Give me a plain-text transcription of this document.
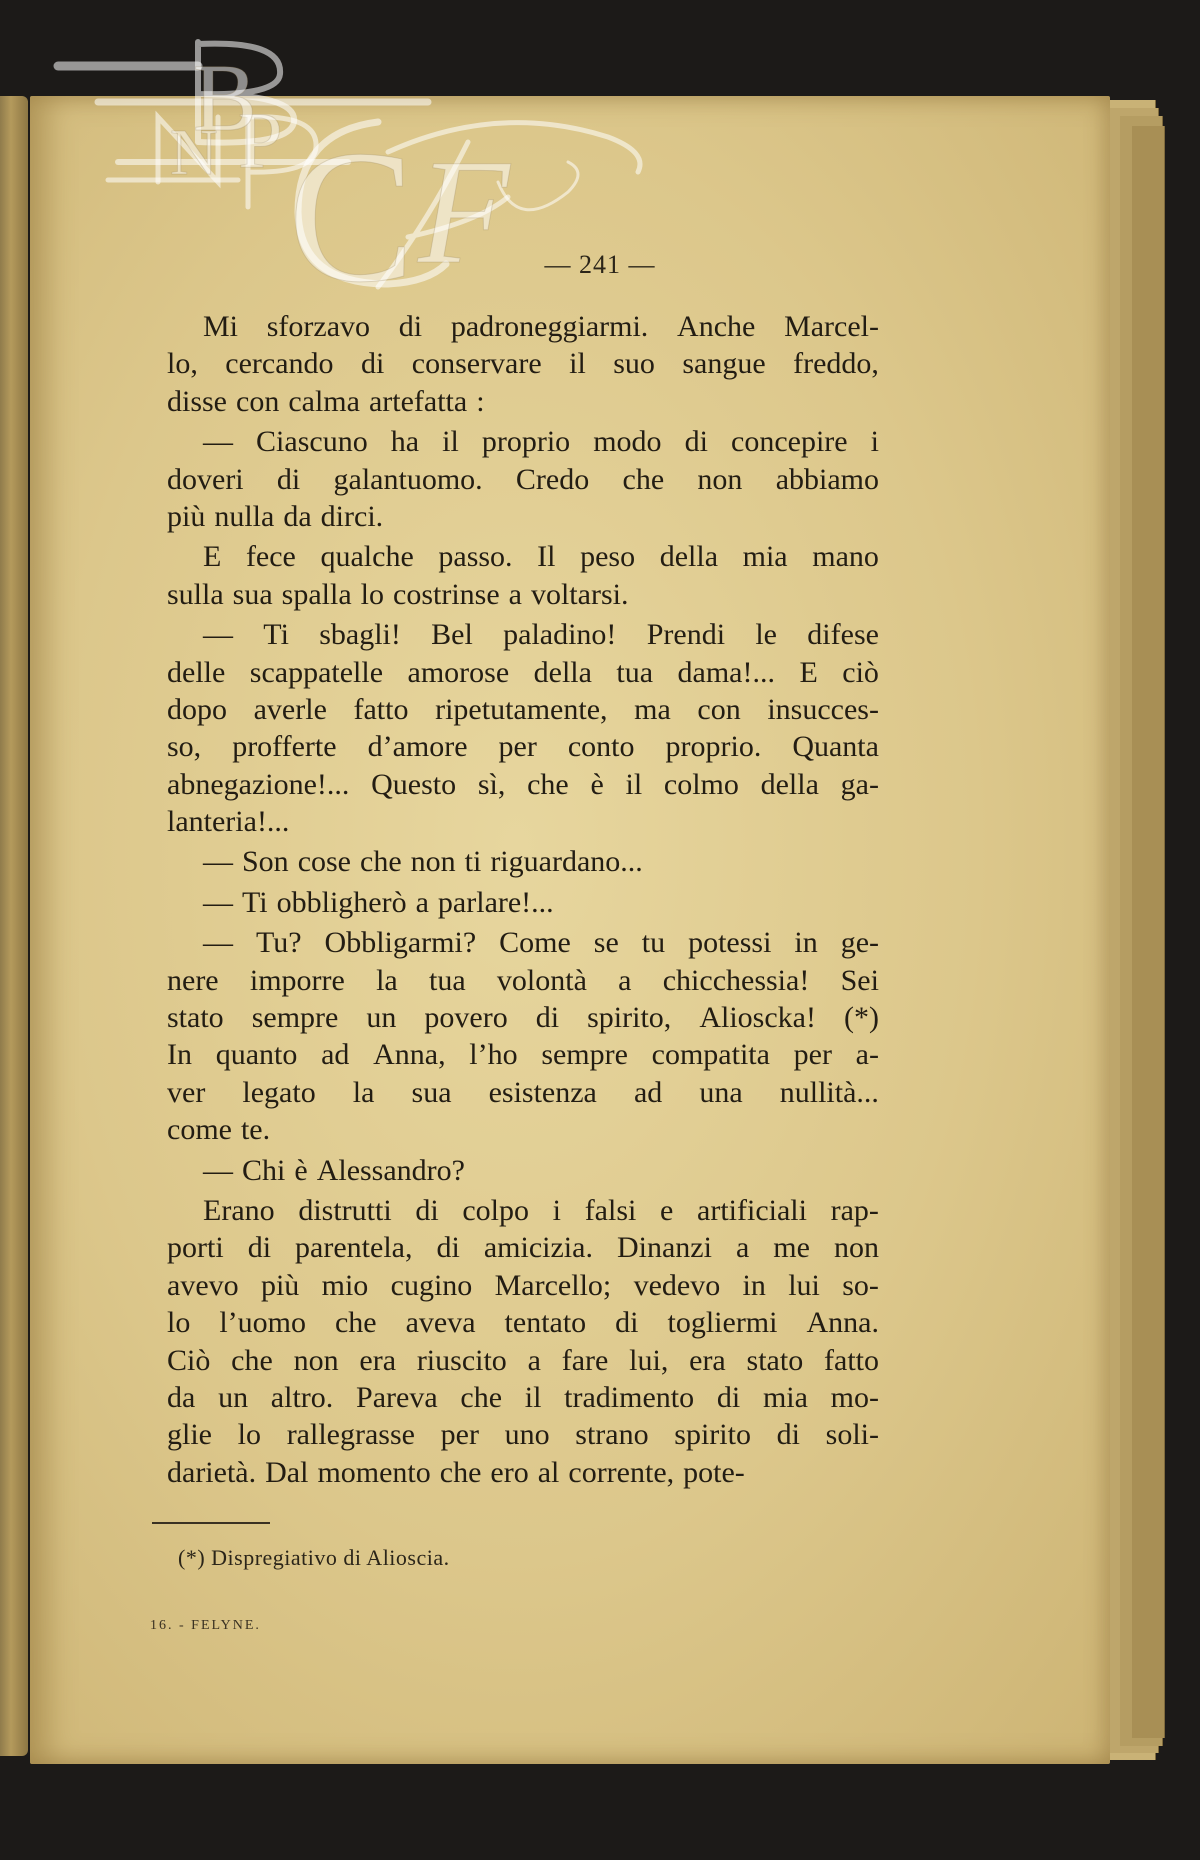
N P
B
C F	— 241 —
Mi sforzavo di padroneggiarmi. Anche Marcel-
lo, cercando di conservare il suo sangue freddo,
disse con calma artefatta :
— Ciascuno ha il proprio modo di concepire i
doveri di galantuomo. Credo che non abbiamo
più nulla da dirci.
E fece qualche passo. Il peso della mia mano
sulla sua spalla lo costrinse a voltarsi.
— Ti sbagli! Bel paladino! Prendi le difese
delle scappatelle amorose della tua dama!... E ciò
dopo averle fatto ripetutamente, ma con insucces-
so, profferte d’amore per conto proprio. Quanta
abnegazione!... Questo sì, che è il colmo della ga-
lanteria!...
— Son cose che non ti riguardano...
— Ti obbligherò a parlare!...
— Tu? Obbligarmi? Come se tu potessi in ge-
nere imporre la tua volontà a chicchessia! Sei
stato sempre un povero di spirito, Alioscka! (*)
In quanto ad Anna, l’ho sempre compatita per a-
ver legato la sua esistenza ad una nullità...
come te.
— Chi è Alessandro?
Erano distrutti di colpo i falsi e artificiali rap-
porti di parentela, di amicizia. Dinanzi a me non
avevo più mio cugino Marcello; vedevo in lui so-
lo l’uomo che aveva tentato di togliermi Anna.
Ciò che non era riuscito a fare lui, era stato fatto
da un altro. Pareva che il tradimento di mia mo-
glie lo rallegrasse per uno strano spirito di soli-
darietà. Dal momento che ero al corrente, pote-
(*) Dispregiativo di Alioscia.
16. - FELYNE.
